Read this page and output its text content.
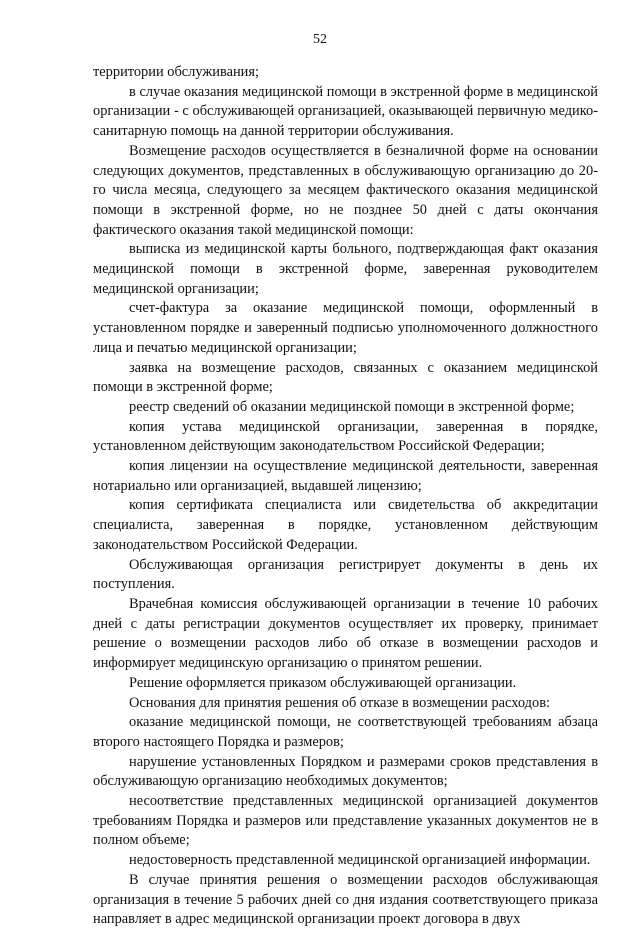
52

территории обслуживания;

в случае оказания медицинской помощи в экстренной форме в медицинской организации - с обслуживающей организацией, оказывающей первичную медико-санитарную помощь на данной территории обслуживания.

Возмещение расходов осуществляется в безналичной форме на основании следующих документов, представленных в обслуживающую организацию до 20-го числа месяца, следующего за месяцем фактического оказания медицинской помощи в экстренной форме, но не позднее 50 дней с даты окончания фактического оказания такой медицинской помощи:

выписка из медицинской карты больного, подтверждающая факт оказания медицинской помощи в экстренной форме, заверенная руководителем медицинской организации;

счет-фактура за оказание медицинской помощи, оформленный в установленном порядке и заверенный подписью уполномоченного должностного лица и печатью медицинской организации;

заявка на возмещение расходов, связанных с оказанием медицинской помощи в экстренной форме;

реестр сведений об оказании медицинской помощи в экстренной форме;

копия устава медицинской организации, заверенная в порядке, установленном действующим законодательством Российской Федерации;

копия лицензии на осуществление медицинской деятельности, заверенная нотариально или организацией, выдавшей лицензию;

копия сертификата специалиста или свидетельства об аккредитации специалиста, заверенная в порядке, установленном действующим законодательством Российской Федерации.

Обслуживающая организация регистрирует документы в день их поступления.

Врачебная комиссия обслуживающей организации в течение 10 рабочих дней с даты регистрации документов осуществляет их проверку, принимает решение о возмещении расходов либо об отказе в возмещении расходов и информирует медицинскую организацию о принятом решении.

Решение оформляется приказом обслуживающей организации.

Основания для принятия решения об отказе в возмещении расходов:

оказание медицинской помощи, не соответствующей требованиям абзаца второго настоящего Порядка и размеров;

нарушение установленных Порядком и размерами сроков представления в обслуживающую организацию необходимых документов;

несоответствие представленных медицинской организацией документов требованиям Порядка и размеров или представление указанных документов не в полном объеме;

недостоверность представленной медицинской организацией информации.

В случае принятия решения о возмещении расходов обслуживающая организация в течение 5 рабочих дней со дня издания соответствующего приказа направляет в адрес медицинской организации проект договора в двух
